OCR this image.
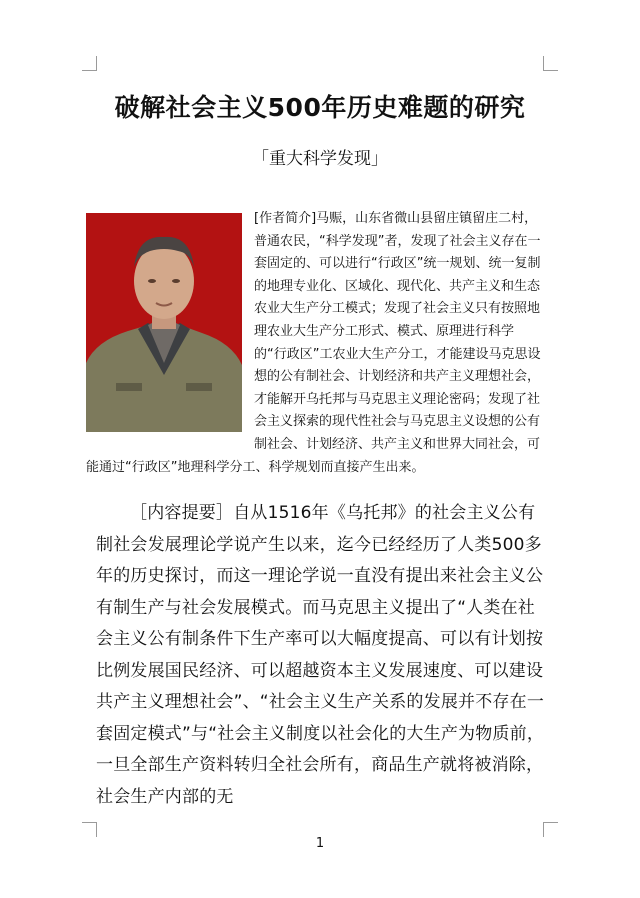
破解社会主义500年历史难题的研究
「重大科学发现」

[作者简介]马赈，山东省微山县留庄镇留庄二村，普通农民，“科学发现”者，发现了社会主义存在一套固定的、可以进行“行政区”统一规划、统一复制的地理专业化、区域化、现代化、共产主义和生态农业大生产分工模式；发现了社会主义只有按照地理农业大生产分工形式、模式、原理进行科学的“行政区”工农业大生产分工，才能建设马克思设想的公有制社会、计划经济和共产主义理想社会，才能解开乌托邦与马克思主义理论密码；发现了社会主义探索的现代性社会与马克思主义设想的公有制社会、计划经济、共产主义和世界大同社会，可能通过“行政区”地理科学分工、科学规划而直接产生出来。

［内容提要］自从1516年《乌托邦》的社会主义公有制社会发展理论学说产生以来，迄今已经经历了人类500多年的历史探讨，而这一理论学说一直没有提出来社会主义公有制生产与社会发展模式。而马克思主义提出了“人类在社会主义公有制条件下生产率可以大幅度提高、可以有计划按比例发展国民经济、可以超越资本主义发展速度、可以建设共产主义理想社会”、“社会主义生产关系的发展并不存在一套固定模式”与“社会主义制度以社会化的大生产为物质前，一旦全部生产资料转归全社会所有，商品生产就将被消除，社会生产内部的无

1
